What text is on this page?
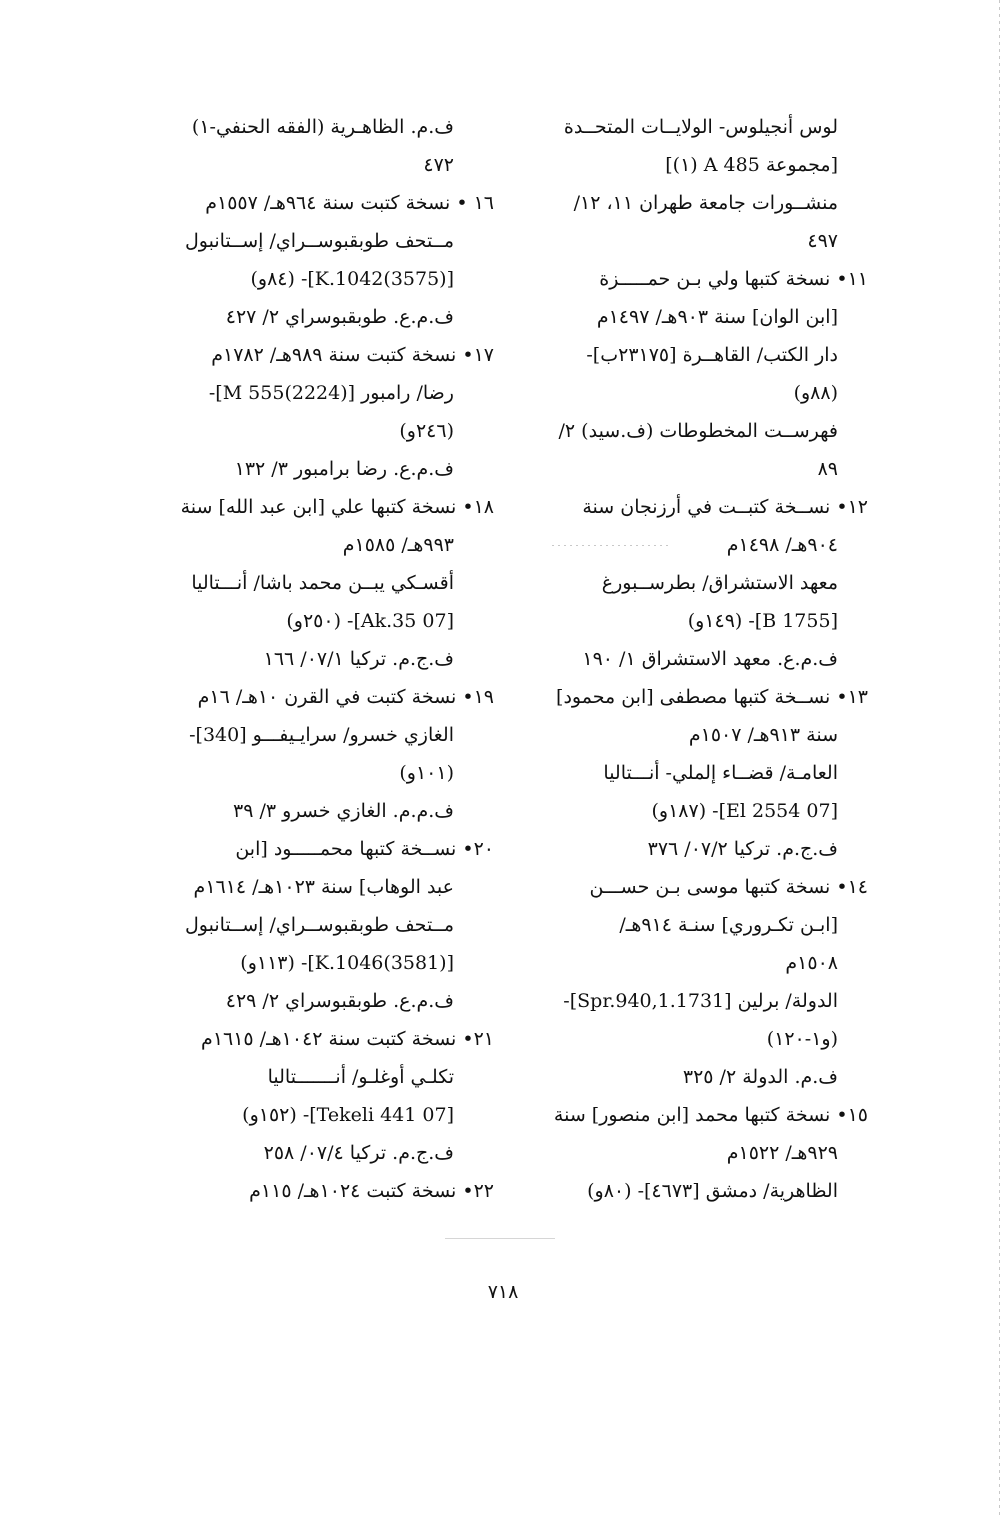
لوس أنجيلوس- الولايــات المتحــدة
[مجموعة A 485 (١)]
منشــورات جامعة طهران ١١، ١٢/
٤٩٧
١١• نسخة كتبها ولي بـن حمـــــزة
[ابن الوان] سنة ٩٠٣هـ/ ١٤٩٧م
دار الكتب/ القاهــرة [٢٣١٧٥ب]-
(٨٨و)
فهرســت المخطوطات (ف.سيد) ٢/
٨٩
١٢• نســخة كتبــت في أرزنجان سنة
٩٠٤هـ/ ١٤٩٨م
معهد الاستشراق/ بطرســبورغ
[B 1755]- (١٤٩و)
ف.م.ع. معهد الاستشراق ١/ ١٩٠
١٣• نســخة كتبها مصطفى [ابن محمود]
سنة ٩١٣هـ/ ١٥٠٧م
العامـة/ قضــاء إلملي- أنـــتاليا
[07 El 2554]- (١٨٧و)
ف.ج.م. تركيا ٠٧/٢/ ٣٧٦
١٤• نسخة كتبها موسى بـن حســـن
[ابـن تكـروري] سنـة ٩١٤هـ/
١٥٠٨م
الدولة/ برلين [1731.Spr.940,1]-
(و١-١٢٠)
ف.م. الدولة ٢/ ٣٢٥
١٥• نسخة كتبها محمد [ابن منصور] سنة
٩٢٩هـ/ ١٥٢٢م
الظاهرية/ دمشق [٤٦٧٣]- (٨٠و)
ف.م. الظاهـرية (الفقه الحنفي-١)
٤٧٢
١٦ • نسخة كتبت سنة ٩٦٤هـ/ ١٥٥٧م
مــتحف طوبقبوســراي/ إســتانبول
[(3575)K.1042]- (٨٤و)
ف.م.ع. طوبقبوسراي ٢/ ٤٢٧
١٧• نسخة كتبت سنة ٩٨٩هـ/ ١٧٨٢م
رضا/ رامبور [M 555(2224)]-
(٢٤٦و)
ف.م.ع. رضا برامبور ٣/ ١٣٢
١٨• نسخة كتبها علي [ابن عبد الله] سنة
٩٩٣هـ/ ١٥٨٥م
أقسـكي يبــن محمد باشا/ أنـــتاليا
[07 Ak.35]- (٢٥٠و)
ف.ج.م. تركيا ٠٧/١/ ١٦٦
١٩• نسخة كتبت في القرن ١٠هـ/ ١٦م
الغازي خسرو/ سرايـيفـــو [340]-
(١٠١و)
ف.م.م. الغازي خسرو ٣/ ٣٩
٢٠• نســخة كتبها محمـــــود [ابن
عبد الوهاب] سنة ١٠٢٣هـ/ ١٦١٤م
مــتحف طوبقبوســراي/ إســتانبول
[(3581)K.1046]- (١١٣و)
ف.م.ع. طوبقبوسراي ٢/ ٤٢٩
٢١• نسخة كتبت سنة ١٠٤٢هـ/ ١٦١٥م
تكلـي أوغلـو/ أنـــــــتاليا
[07 Tekeli 441]- (١٥٢و)
ف.ج.م. تركيا ٠٧/٤/ ٢٥٨
٢٢• نسخة كتبت ١٠٢٤هـ/ ١١٥م
٧١٨
